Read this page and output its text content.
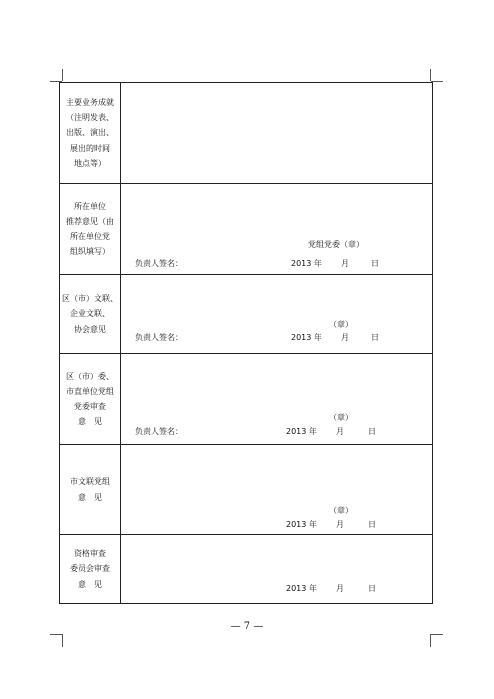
主要业务成就
（注明发表、
出版、演出、
展出的时间
地点等）	

所在单位
推荐意见（由
所在单位党
组织填写）	党组党委（章）
负责人签名： 2013 年 月 日

区（市）文联、
企业文联、
协会意见	（章）
负责人签名： 2013 年 月 日

区（市）委、
市直单位党组
党委审查
意　见	（章）
负责人签名： 2013 年 月 日

市文联党组
意　见	（章）
2013 年 月 日

资格审查
委员会审查
意　见	2013 年 月 日
— 7 —
